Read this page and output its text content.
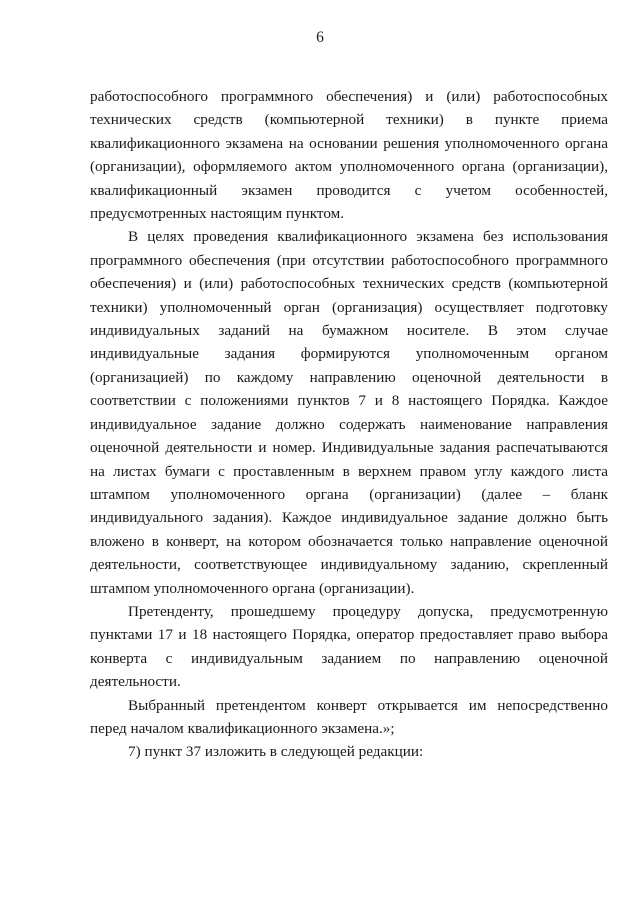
6

работоспособного программного обеспечения) и (или) работоспособных технических средств (компьютерной техники) в пункте приема квалификационного экзамена на основании решения уполномоченного органа (организации), оформляемого актом уполномоченного органа (организации), квалификационный экзамен проводится с учетом особенностей, предусмотренных настоящим пунктом.

В целях проведения квалификационного экзамена без использования программного обеспечения (при отсутствии работоспособного программного обеспечения) и (или) работоспособных технических средств (компьютерной техники) уполномоченный орган (организация) осуществляет подготовку индивидуальных заданий на бумажном носителе. В этом случае индивидуальные задания формируются уполномоченным органом (организацией) по каждому направлению оценочной деятельности в соответствии с положениями пунктов 7 и 8 настоящего Порядка. Каждое индивидуальное задание должно содержать наименование направления оценочной деятельности и номер. Индивидуальные задания распечатываются на листах бумаги с проставленным в верхнем правом углу каждого листа штампом уполномоченного органа (организации) (далее – бланк индивидуального задания). Каждое индивидуальное задание должно быть вложено в конверт, на котором обозначается только направление оценочной деятельности, соответствующее индивидуальному заданию, скрепленный штампом уполномоченного органа (организации).

Претенденту, прошедшему процедуру допуска, предусмотренную пунктами 17 и 18 настоящего Порядка, оператор предоставляет право выбора конверта с индивидуальным заданием по направлению оценочной деятельности.

Выбранный претендентом конверт открывается им непосредственно перед началом квалификационного экзамена.»;

7) пункт 37 изложить в следующей редакции:
